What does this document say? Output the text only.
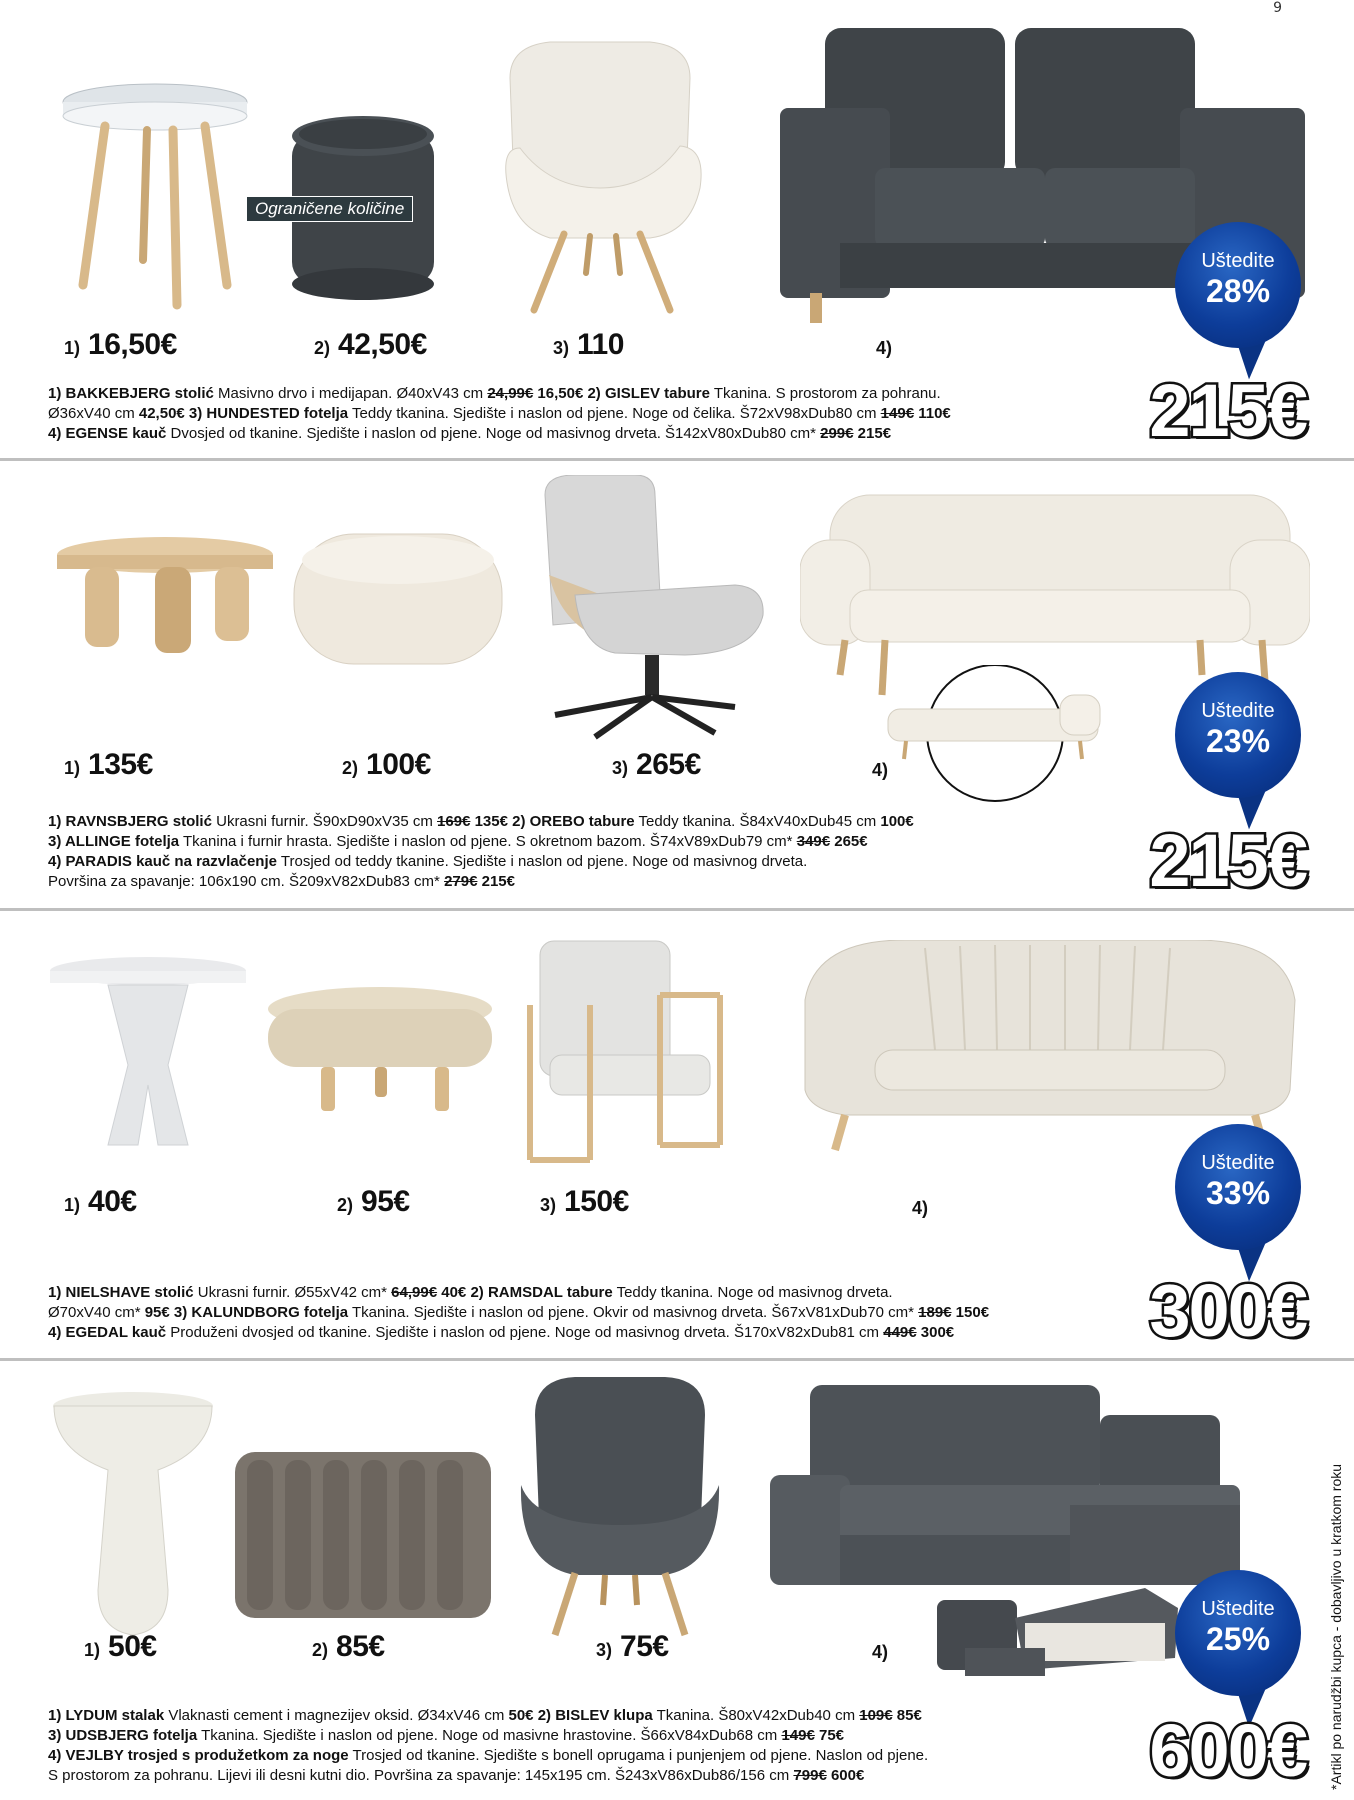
9
Ograničene količine
1) 16,50€	2) 42,50€	3) 110	4)
Uštedite
28%
215€
1) BAKKEBJERG stolić Masivno drvo i medijapan. Ø40xV43 cm 24,99€ 16,50€ 2) GISLEV tabure Tkanina. S prostorom za pohranu.
Ø36xV40 cm 42,50€ 3) HUNDESTED fotelja Teddy tkanina. Sjedište i naslon od pjene. Noge od čelika. Š72xV98xDub80 cm 149€ 110€
4) EGENSE kauč Dvosjed od tkanine. Sjedište i naslon od pjene. Noge od masivnog drveta. Š142xV80xDub80 cm* 299€ 215€
1) 135€	2) 100€	3) 265€	4)
Uštedite
23%
215€
1) RAVNSBJERG stolić Ukrasni furnir. Š90xD90xV35 cm 169€ 135€ 2) OREBO tabure Teddy tkanina. Š84xV40xDub45 cm 100€
3) ALLINGE fotelja Tkanina i furnir hrasta. Sjedište i naslon od pjene. S okretnom bazom. Š74xV89xDub79 cm* 349€ 265€
4) PARADIS kauč na razvlačenje Trosjed od teddy tkanine. Sjedište i naslon od pjene. Noge od masivnog drveta.
Površina za spavanje: 106x190 cm. Š209xV82xDub83 cm* 279€ 215€
1) 40€	2) 95€	3) 150€	4)
Uštedite
33%
300€
1) NIELSHAVE stolić Ukrasni furnir. Ø55xV42 cm* 64,99€ 40€ 2) RAMSDAL tabure Teddy tkanina. Noge od masivnog drveta.
Ø70xV40 cm* 95€ 3) KALUNDBORG fotelja Tkanina. Sjedište i naslon od pjene. Okvir od masivnog drveta. Š67xV81xDub70 cm* 189€ 150€
4) EGEDAL kauč Produženi dvosjed od tkanine. Sjedište i naslon od pjene. Noge od masivnog drveta. Š170xV82xDub81 cm 449€ 300€
1) 50€	2) 85€	3) 75€	4)
Uštedite
25%
600€
1) LYDUM stalak Vlaknasti cement i magnezijev oksid. Ø34xV46 cm 50€ 2) BISLEV klupa Tkanina. Š80xV42xDub40 cm 109€ 85€
3) UDSBJERG fotelja Tkanina. Sjedište i naslon od pjene. Noge od masivne hrastovine. Š66xV84xDub68 cm 149€ 75€
4) VEJLBY trosjed s produžetkom za noge Trosjed od tkanine. Sjedište s bonell oprugama i punjenjem od pjene. Naslon od pjene.
S prostorom za pohranu. Lijevi ili desni kutni dio. Površina za spavanje: 145x195 cm. Š243xV86xDub86/156 cm 799€ 600€	*Artikl po narudžbi kupca - dobavljivo u kratkom roku
